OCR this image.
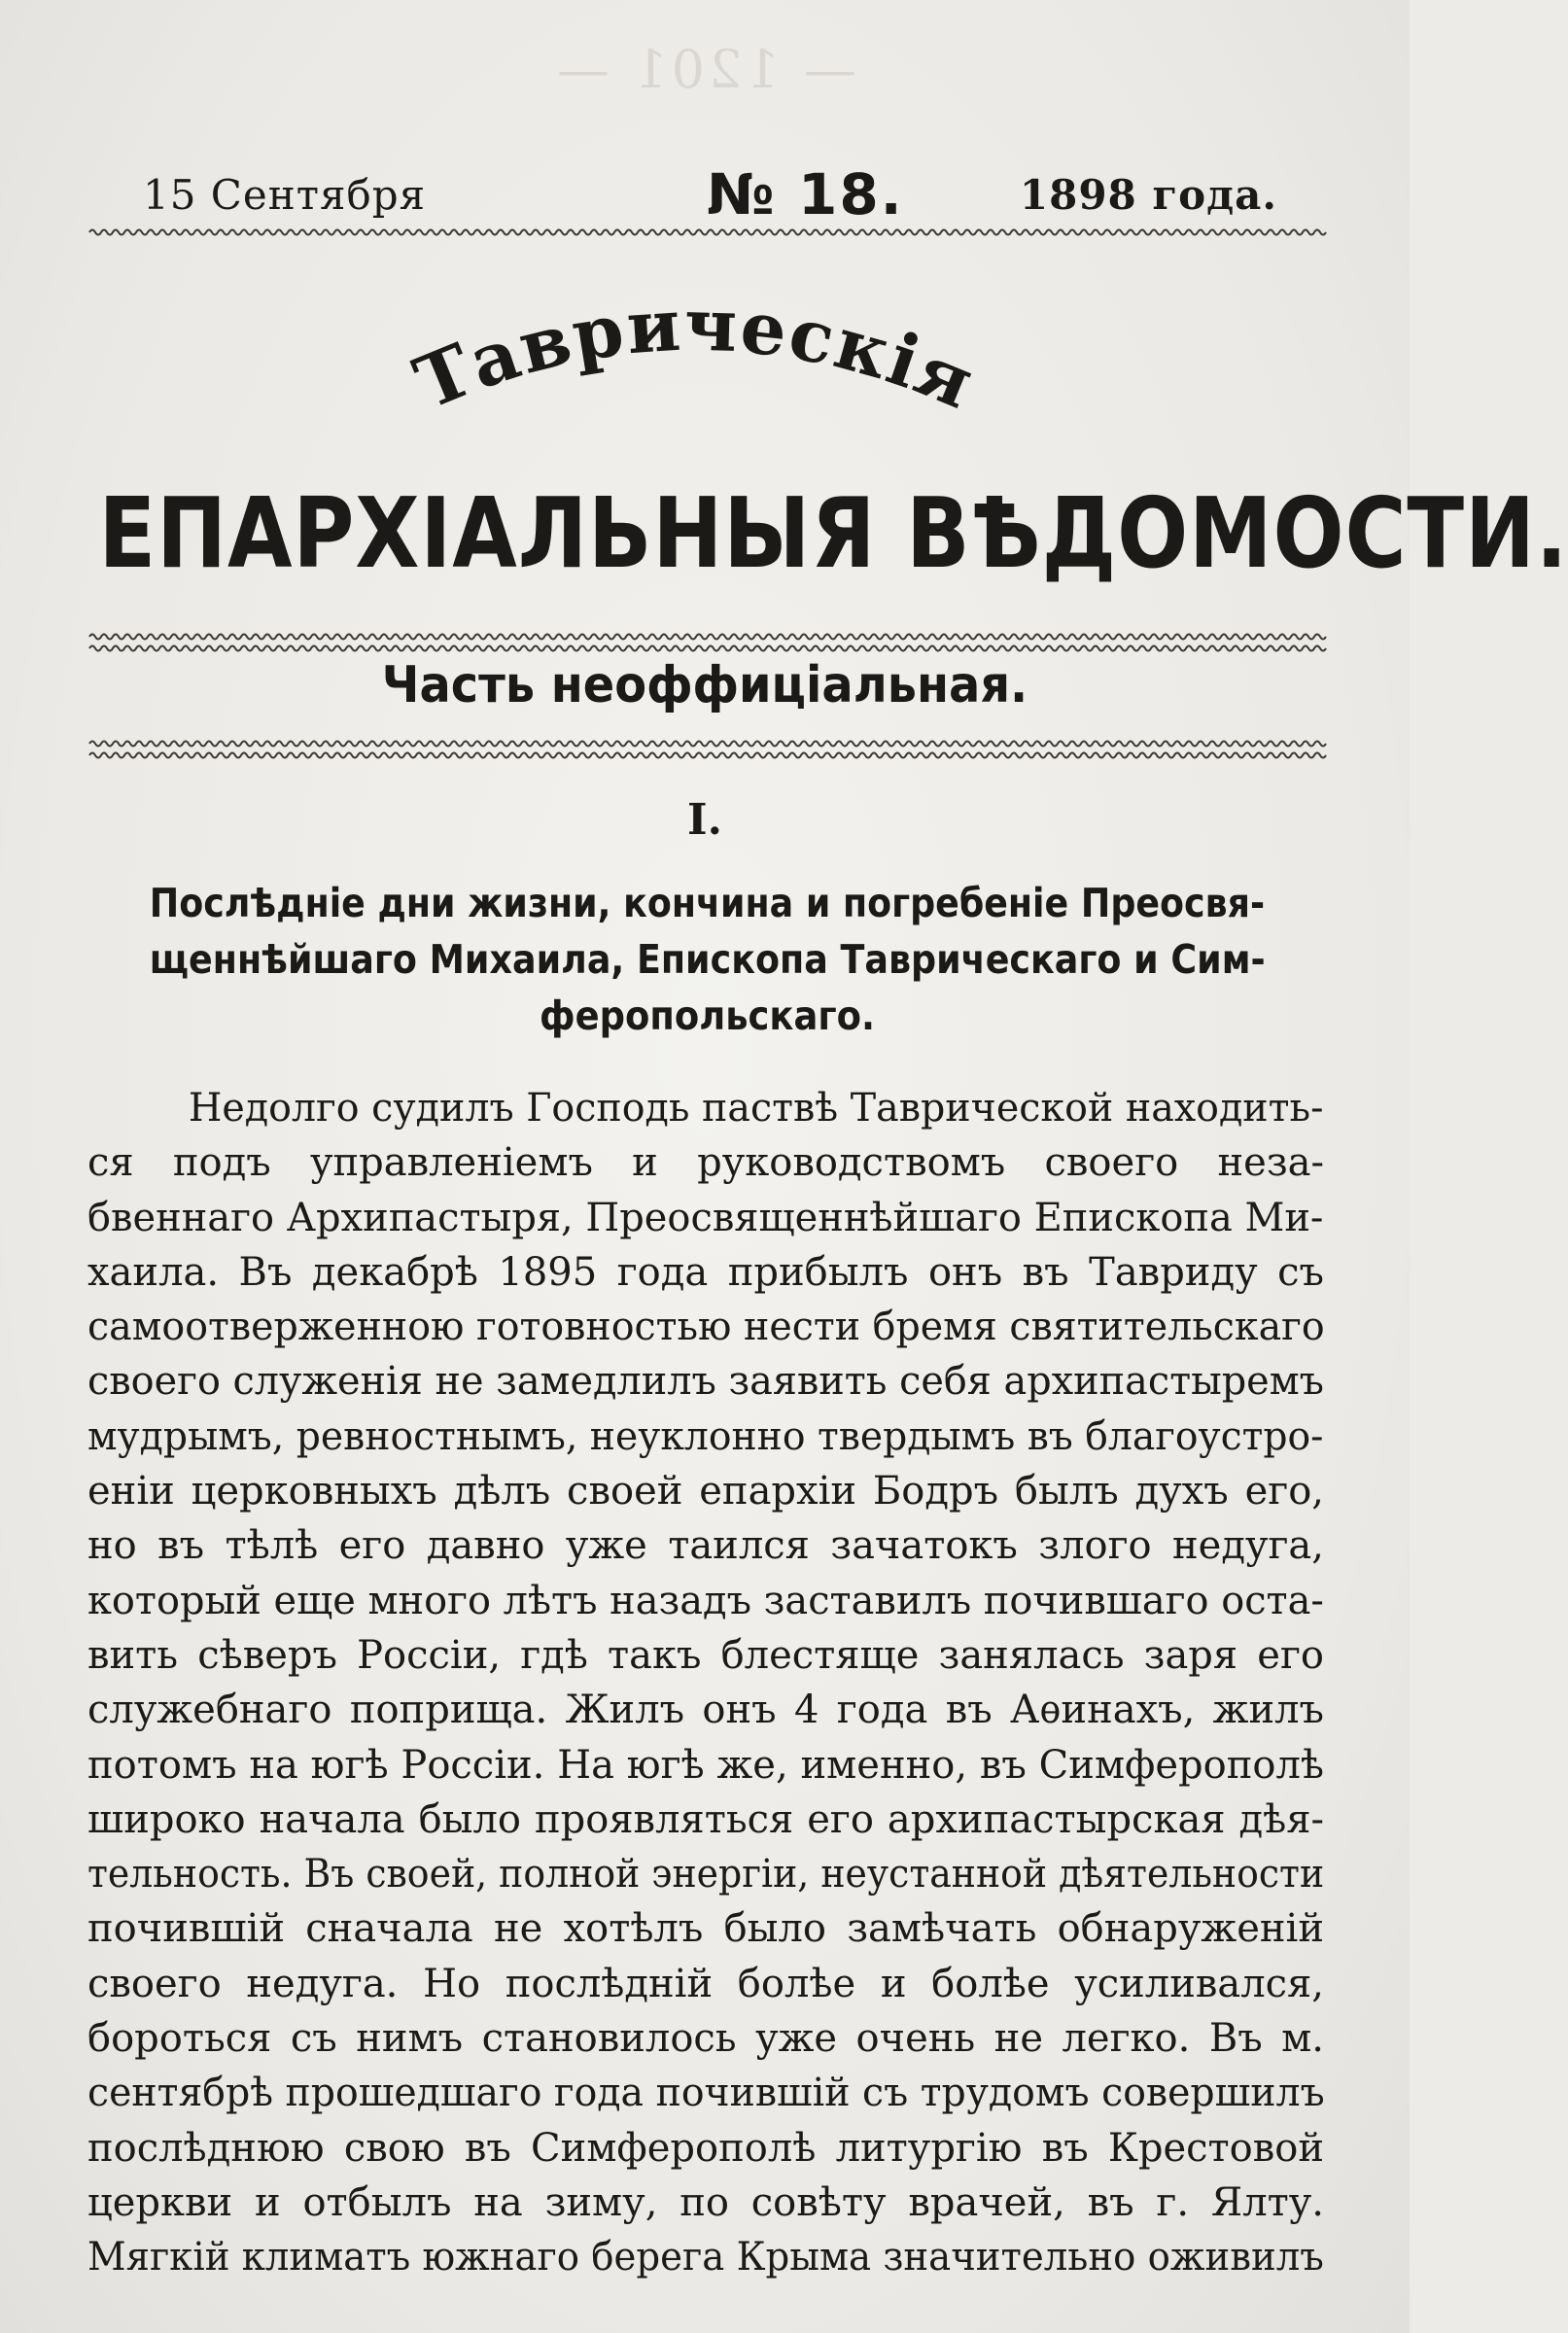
— 1201 —
15 Сентября	№ 18.	1898 года.
Таврическія
ЕПАРХІАЛЬНЫЯ ВѢДОМОСТИ.
Часть неоффиціальная.
I.
Послѣдніе дни жизни, кончина и погребеніе Преосвя-
щеннѣйшаго Михаила, Епископа Таврическаго и Сим-
феропольскаго.
Недолго судилъ Господь паствѣ Таврической находить-
ся подъ управленіемъ и руководствомъ своего неза-
бвеннаго Архипастыря, Преосвященнѣйшаго Епископа Ми-
хаила. Въ декабрѣ 1895 года прибылъ онъ въ Тавриду съ
самоотверженною готовностью нести бремя святительскаго
своего служенія не замедлилъ заявить себя архипастыремъ
мудрымъ, ревностнымъ, неуклонно твердымъ въ благоустро-
еніи церковныхъ дѣлъ своей епархіи Бодръ былъ духъ его,
но въ тѣлѣ его давно уже таился зачатокъ злого недуга,
который еще много лѣтъ назадъ заставилъ почившаго оста-
вить сѣверъ Россіи, гдѣ такъ блестяще занялась заря его
служебнаго поприща. Жилъ онъ 4 года въ Аѳинахъ, жилъ
потомъ на югѣ Россіи. На югѣ же, именно, въ Симферополѣ
широко начала было проявляться его архипастырская дѣя-
тельность. Въ своей, полной энергіи, неустанной дѣятельности
почившій сначала не хотѣлъ было замѣчать обнаруженій
своего недуга. Но послѣдній болѣе и болѣе усиливался,
бороться съ нимъ становилось уже очень не легко. Въ м.
сентябрѣ прошедшаго года почившій съ трудомъ совершилъ
послѣднюю свою въ Симферополѣ литургію въ Крестовой
церкви и отбылъ на зиму, по совѣту врачей, въ г. Ялту.
Мягкій климатъ южнаго берега Крыма значительно оживилъ
